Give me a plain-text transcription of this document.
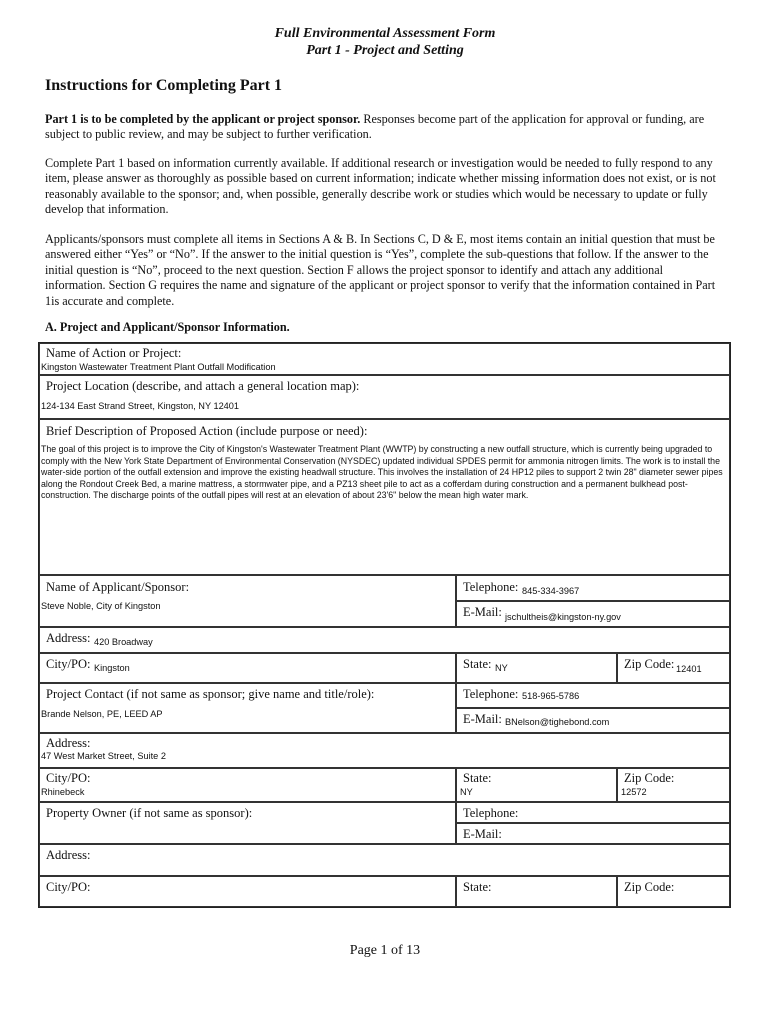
Full Environmental Assessment Form
Part 1 - Project and Setting
Instructions for Completing Part 1
Part 1 is to be completed by the applicant or project sponsor. Responses become part of the application for approval or funding, are subject to public review, and may be subject to further verification.
Complete Part 1 based on information currently available. If additional research or investigation would be needed to fully respond to any item, please answer as thoroughly as possible based on current information; indicate whether missing information does not exist, or is not reasonably available to the sponsor; and, when possible, generally describe work or studies which would be necessary to update or fully develop that information.
Applicants/sponsors must complete all items in Sections A & B. In Sections C, D & E, most items contain an initial question that must be answered either “Yes” or “No”. If the answer to the initial question is “Yes”, complete the sub-questions that follow. If the answer to the initial question is “No”, proceed to the next question. Section F allows the project sponsor to identify and attach any additional information. Section G requires the name and signature of the applicant or project sponsor to verify that the information contained in Part 1is accurate and complete.
A. Project and Applicant/Sponsor Information.
Name of Action or Project:
Kingston Wastewater Treatment Plant Outfall Modification
Project Location (describe, and attach a general location map):
124-134 East Strand Street, Kingston, NY 12401
Brief Description of Proposed Action (include purpose or need):
The goal of this project is to improve the City of Kingston's Wastewater Treatment Plant (WWTP) by constructing a new outfall structure, which is currently being upgraded to comply with the New York State Department of Environmental Conservation (NYSDEC) updated individual SPDES permit for ammonia nitrogen limits. The work is to install the water-side portion of the outfall extension and improve the existing headwall structure. This involves the installation of 24 HP12 piles to support 2 twin 28" diameter sewer pipes along the Rondout Creek Bed, a marine mattress, a stormwater pipe, and a PZ13 sheet pile to act as a cofferdam during construction and a permanent bulkhead post-construction. The discharge points of the outfall pipes will rest at an elevation of about 23'6" below the mean high water mark.
Name of Applicant/Sponsor:
Steve Noble, City of Kingston
Telephone: 845-334-3967
E-Mail: jschultheis@kingston-ny.gov
Address: 420 Broadway
City/PO: Kingston	State: NY	Zip Code: 12401
Project Contact (if not same as sponsor; give name and title/role):
Brande Nelson, PE, LEED AP
Telephone: 518-965-5786
E-Mail: BNelson@tighebond.com
Address:
47 West Market Street, Suite 2
City/PO:
Rhinebeck
State:
NY
Zip Code:
12572
Property Owner (if not same as sponsor):	Telephone:
E-Mail:
Address:
City/PO:	State:	Zip Code:
Page 1 of 13
